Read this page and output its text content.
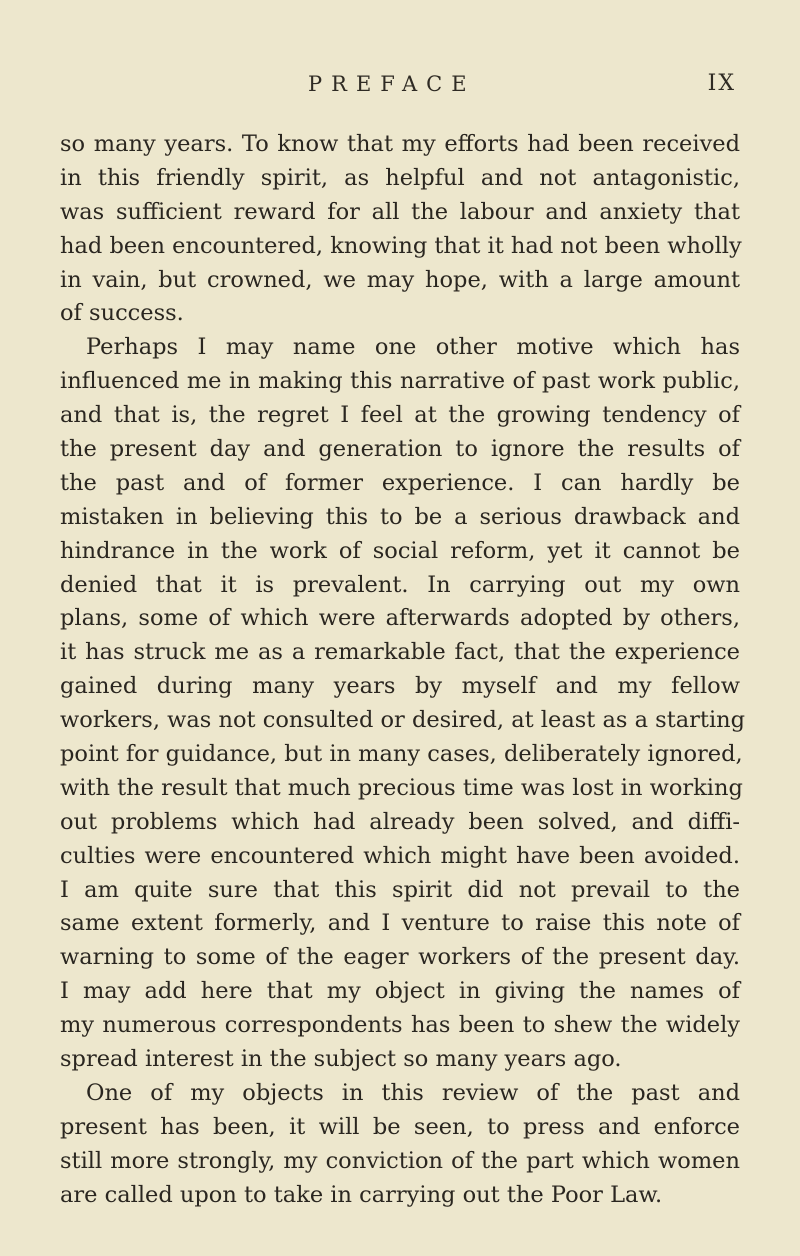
PREFACE	IX
so many years. To know that my efforts had been received
in this friendly spirit, as helpful and not antagonistic,
was sufficient reward for all the labour and anxiety that
had been encountered, knowing that it had not been wholly
in vain, but crowned, we may hope, with a large amount
of success.
Perhaps I may name one other motive which has
influenced me in making this narrative of past work public,
and that is, the regret I feel at the growing tendency of
the present day and generation to ignore the results of
the past and of former experience. I can hardly be
mistaken in believing this to be a serious drawback and
hindrance in the work of social reform, yet it cannot be
denied that it is prevalent. In carrying out my own
plans, some of which were afterwards adopted by others,
it has struck me as a remarkable fact, that the experience
gained during many years by myself and my fellow
workers, was not consulted or desired, at least as a starting
point for guidance, but in many cases, deliberately ignored,
with the result that much precious time was lost in working
out problems which had already been solved, and diffi-
culties were encountered which might have been avoided.
I am quite sure that this spirit did not prevail to the
same extent formerly, and I venture to raise this note of
warning to some of the eager workers of the present day.
I may add here that my object in giving the names of
my numerous correspondents has been to shew the widely
spread interest in the subject so many years ago.
One of my objects in this review of the past and
present has been, it will be seen, to press and enforce
still more strongly, my conviction of the part which women
are called upon to take in carrying out the Poor Law.
